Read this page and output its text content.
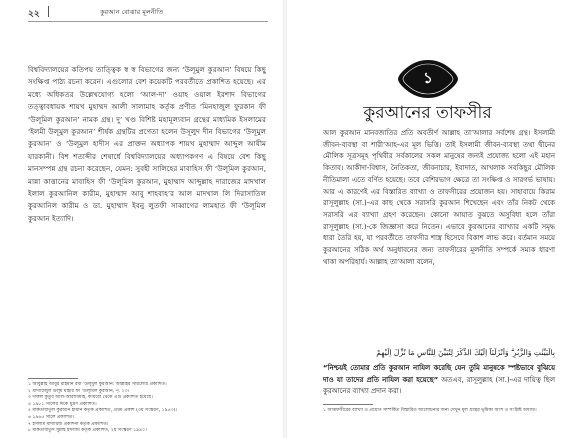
২২	কুরআন বোঝার মূলনীতি

বিশ্ববিদ্যালয়ের কতিপয় তাত্ত্বিক স্ব স্ব বিভাগের জন্য ‘উলূমুল কুরআন’ বিষয়ে কিছু সংক্ষিপ্ত পাঠ্য রচনা করেন। এগুলোর বেশ কয়েকটি পরবর্তীতে প্রকাশিত হয়েছে। এর মধ্যে অধিকতর উল্লেখযোগ্য হলো ‘আল-দা’ ওয়াহ ওয়াল ইরশাদ বিভাগের তত্ত্বাবধায়ক শায়খ মুহাম্মদ আলী সালামাহ কর্তৃক প্রণীত ‘মিনহাজুল ফুরকান ফী ‘উলূমিল কুরআন’ নামক গ্রন্থ। দু’ খণ্ড বিশিষ্ট মহামূল্যবান গ্রন্থের মাধ্যমিক ইসলামের ‘ইলমী উলূমুল কুরআন’ শীর্ষক গ্রন্থটির প্রণেতা হলেন উসূলুদ দীন বিভাগের ‘উলূমুল কুরআন’ ও ‘উলূমুল হাদীস এর প্রাক্তন অধ্যাপক শায়খ মুহাম্মাদ আব্দুল আযীম যারকানী। বিশ শতাব্দীর শেষার্ধে বিশ্ববিদ্যালয়ের অধ্যাপকগণ এ বিষয়ে বেশ কিছু মানসম্পন্ন গ্রন্থ রচনা করেছেন, যেমন: সুবহী সালিহের মাবাহিস ফী ‘উলূমিল কুরআন, মান্না কাত্তানের মাবাহিস ফী ‘উলূমিল কুরআন, মুহাম্মাদ আব্দুল্লাহ দারাজের মাদখাল ইলাল কুরআনিল কারীম, মুহাম্মাদ আবু শাহবাহ’র আল মাদখাল লি দিরাসাতিল কুরআনিল কারীম ও ডা. মুহাম্মাদ ইবনু লুতফী সাব্বাগের লামহাত ফী ‘উলূমিল কুরআন ইত্যাদি।

১ আবুল্লাহ আবুর রাহমান রবী ‘উলূমুল কুরআন: আল্লাহর সারল্যের প্রকাশিত।
২ মাদারিজুল উলূম মাহীর ফী ‘উলূমিল কুরআন, পৃ. ২৩।
৩ দারুল কুতুব আল-আরাবিয়াহ, কায়রো থেকে এটি প্রকাশিত হয়েছে।
৪ ১৯৮১ সালের দিকে মুদ্রণ প্রকাশিত।
৫ মাকতাবাতুল কুরআন হায়ান কর্তৃক প্রকাশিত, প্রথম প্রকাশ (৩য় সংস্করণ, ১৯৫৩)।
৬ ১৯৬৫ সালে প্রকাশিত।
৭ ইসলাম মাদারিজ প্রকাশনা কর্তৃক প্রকাশিত।
৮ মাকতাবাতুস সুন্নাহ ইসলাম কর্তৃক প্রকাশিত, ২য় সংস্করণ ১৯৯০।
১
কুরআনের তাফসীর

আল কুরআন মানবজাতির প্রতি অবতীর্ণ আল্লাহ তা’আলার সর্বশেষ গ্রন্থ। ইসলামী জীবন-ব্যবস্থা বা শারী’আহ-এর মূল ভিত্তি। তাই ইসলামী জীবন-ব্যবস্থা তথা দ্বীনের মৌলিক সূত্রসমূহ পৃথিবীর সর্বকালের সকল মানুষের জন্যই প্রযোজ্য হলো এই মহান কিতাব। আকীদা-বিশ্বাস, নৈতিকতা, জীবনাচার, ইবাদাত, আখলাক সবকিছুর মৌলিক নীতিমালা এতে বর্ণিত হয়েছে। তবে বেশিরভাগ ক্ষেত্রে তা সংক্ষিপ্ত ও সারগর্ভ ভাষায়। আর এ কারণেই এর বিস্তারিত ব্যাখ্যা ও তাফসীরের প্রয়োজন হয়। সাহাবায়ে কিরাম রাসূলুল্লাহ (সা.)-এর কাছ থেকে সরাসরি কুরআন শিখেছেন এবং তাঁর নিকট থেকে সরাসরি এর ব্যাখ্যা গ্রহণ করেছেন। কোনো আয়াত বুঝতে অসুবিধা হলে তাঁরা রাসূলুল্লাহ (সা.)-কে জিজ্ঞাসা করে নিতেন। এভাবে কুরআনের ব্যাখ্যার একটি সমৃদ্ধ ধারা তৈরি হয়, যা পরবর্তীতে তাফসীর শাস্ত্র হিসেবে বিকাশ লাভ করে। বর্তমান সময়ে কুরআনের সঠিক অর্থ অনুধাবনের জন্য তাফসীরের মূলনীতি সম্পর্কে সম্যক ধারণা থাকা অপরিহার্য। আল্লাহ তা’আলা বলেন,

بِالْبَيِّنٰتِ وَالزُّبُرِ ۗ وَاَنْزَلْنَآ اِلَيْكَ الذِّكْرَ لِتُبَيِّنَ لِلنَّاسِ مَا نُزِّلَ اِلَيْهِمْ
“নিশ্চয়ই তোমার প্রতি কুরআন নাযিল করেছি যেন তুমি মানুষকে স্পষ্টভাবে বুঝিয়ে দাও যা তাদের প্রতি নাযিল করা হয়েছে” অতএব, রাসূলুল্লাহ (সা.)-এর দায়িত্ব ছিল কুরআনের ব্যাখ্যা প্রদান করা।

১ আত্তফসীরের ব্যাখ্যা ও প্রয়োগ সম্পর্কিত বিস্তারিত আলোচনার জন্য দেখুন মূল গ্রন্থের ভূমিকা অংশ ও সংশ্লিষ্ট অধ্যায়।
